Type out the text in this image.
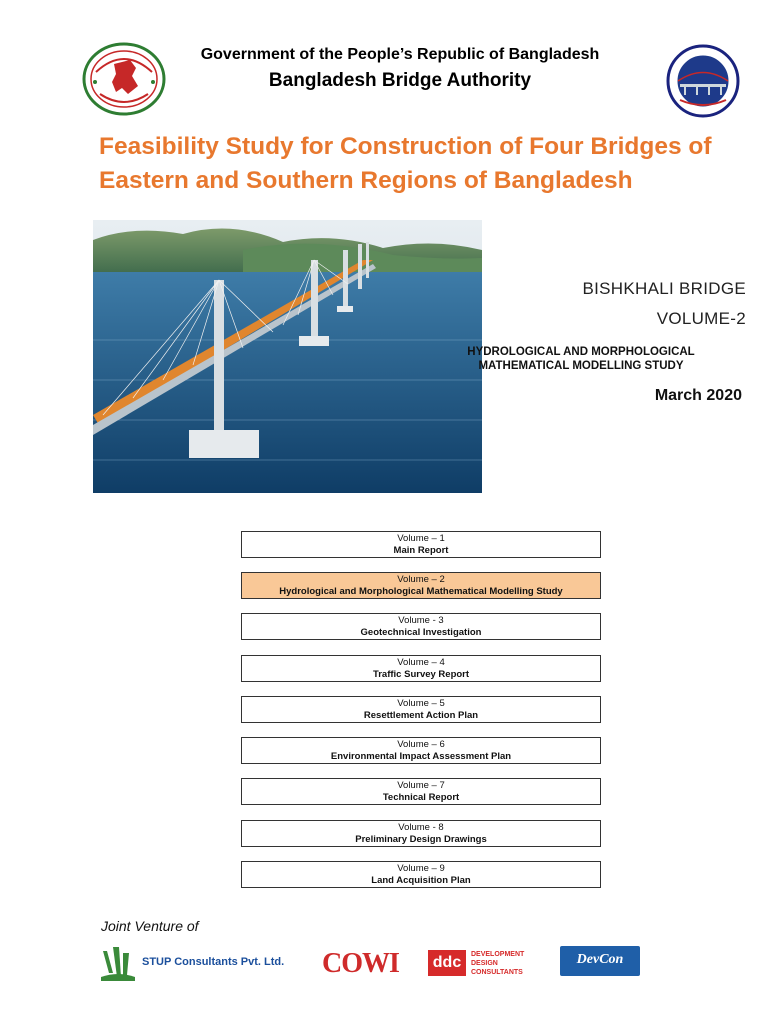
Government of the People’s Republic of Bangladesh
Bangladesh Bridge Authority
Feasibility Study for Construction of Four Bridges of
Eastern and Southern Regions of Bangladesh
BISHKHALI BRIDGE
VOLUME-2
HYDROLOGICAL AND MORPHOLOGICAL
MATHEMATICAL MODELLING STUDY
March 2020
Volume – 1
Main Report
Volume – 2
Hydrological and Morphological Mathematical Modelling Study
Volume - 3
Geotechnical Investigation
Volume – 4
Traffic Survey Report
Volume – 5
Resettlement Action Plan
Volume – 6
Environmental Impact Assessment Plan
Volume – 7
Technical Report
Volume - 8
Preliminary Design Drawings
Volume – 9
Land Acquisition Plan
Joint Venture of
STUP Consultants Pvt. Ltd. COWI ddc	DEVELOPMENT
DESIGN
CONSULTANTS
DevCon
